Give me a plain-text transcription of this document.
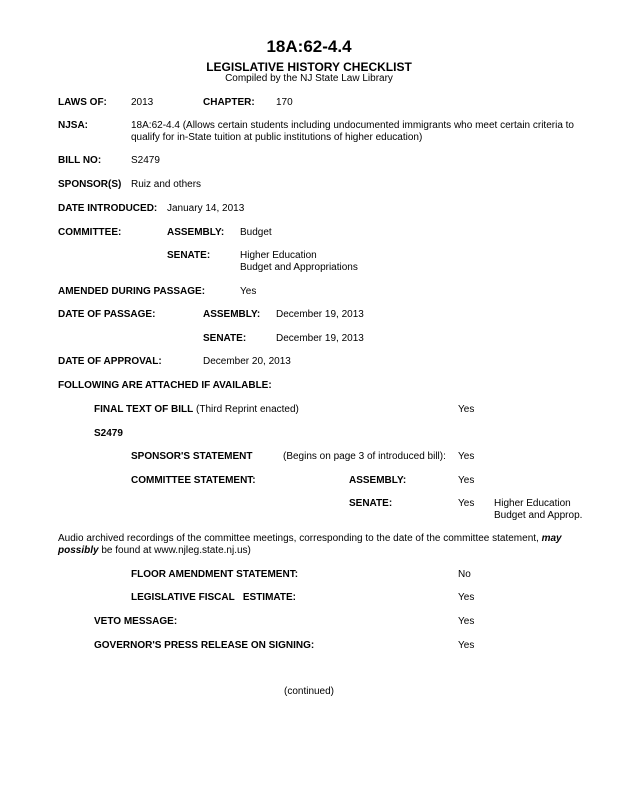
18A:62-4.4
LEGISLATIVE HISTORY CHECKLIST
Compiled by the NJ State Law Library
LAWS OF: 2013	CHAPTER: 170
NJSA:	18A:62-4.4 (Allows certain students including undocumented immigrants who meet certain criteria to qualify for in-State tuition at public institutions of higher education)
BILL NO:	S2479
SPONSOR(S) Ruiz and others
DATE INTRODUCED: January 14, 2013
COMMITTEE:	ASSEMBLY: Budget
SENATE:	Higher Education
Budget and Appropriations
AMENDED DURING PASSAGE:	Yes
DATE OF PASSAGE:	ASSEMBLY: December 19, 2013
SENATE:	December 19, 2013
DATE OF APPROVAL:	December 20, 2013
FOLLOWING ARE ATTACHED IF AVAILABLE:
FINAL TEXT OF BILL (Third Reprint enacted)	Yes
S2479
SPONSOR'S STATEMENT	(Begins on page 3 of introduced bill): Yes
COMMITTEE STATEMENT:	ASSEMBLY:	Yes
SENATE:	Yes Higher Education
Budget and Approp.
Audio archived recordings of the committee meetings, corresponding to the date of the committee statement, may possibly be found at www.njleg.state.nj.us)
FLOOR AMENDMENT STATEMENT:	No
LEGISLATIVE FISCAL   ESTIMATE:	Yes
VETO MESSAGE:	Yes
GOVERNOR'S PRESS RELEASE ON SIGNING:	Yes
(continued)
